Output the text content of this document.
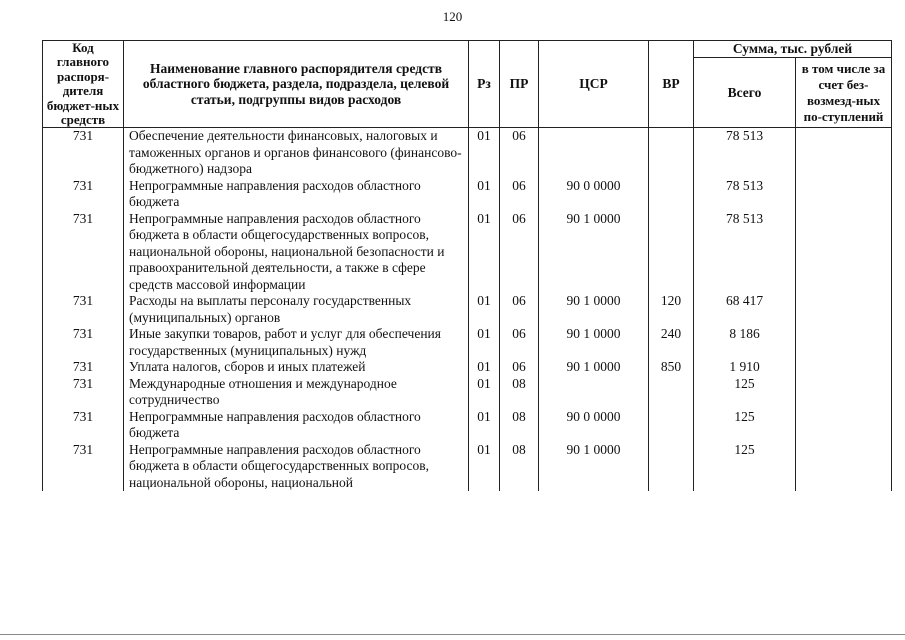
120
Код главного распоря-дителя бюджет-ных средств	Наименование главного распорядителя средств областного бюджета, раздела, подраздела, целевой статьи, подгруппы видов расходов	Рз	ПР	ЦСР	ВР	Сумма, тыс. рублей	
						Всего	в том числе за счет без-возмезд-ных по-ступлений
731	Обеспечение деятельности финансовых, налоговых и таможенных органов и органов финансового (финансово-бюджетного) надзора	01	06			78 513	
731	Непрограммные направления расходов областного бюджета	01	06	90 0 0000		78 513	
731	Непрограммные направления расходов областного бюджета в области общегосударственных вопросов, национальной обороны, национальной безопасности и правоохранительной деятельности, а также в сфере средств массовой информации	01	06	90 1 0000		78 513	
731	Расходы на выплаты персоналу государственных (муниципальных) органов	01	06	90 1 0000	120	68 417	
731	Иные закупки товаров, работ и услуг для обеспечения государственных (муниципальных) нужд	01	06	90 1 0000	240	8 186	
731	Уплата налогов, сборов и иных платежей	01	06	90 1 0000	850	1 910	
731	Международные отношения и международное сотрудничество	01	08			125	
731	Непрограммные направления расходов областного бюджета	01	08	90 0 0000		125	
731	Непрограммные направления расходов областного бюджета в области общегосударственных вопросов, национальной обороны, национальной	01	08	90 1 0000		125	
